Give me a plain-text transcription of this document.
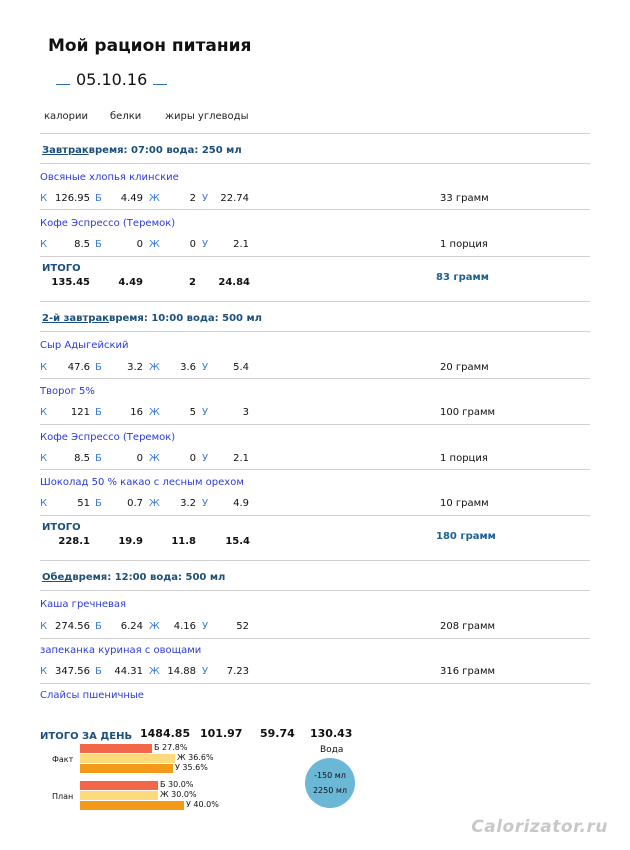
Мой рацион питания
05.10.16
калории белки жиры углеводы
Завтраквремя: 07:00 вода: 250 мл
Овсяные хлопья клинские
К 126.95 Б	4.49 Ж	2 У	22.74	33 грамм
Кофе Эспрессо (Теремок)
К	8.5 Б	0 Ж	0 У	2.1	1 порция
ИТОГО
135.45	4.49	2	24.84	83 грамм
2-й завтраквремя: 10:00 вода: 500 мл
Сыр Адыгейский
К	47.6 Б	3.2 Ж	3.6 У	5.4	20 грамм
Творог 5%
К	121 Б	16 Ж	5 У	3	100 грамм
Кофе Эспрессо (Теремок)
К	8.5 Б	0 Ж	0 У	2.1	1 порция
Шоколад 50 % какао с лесным орехом
К	51 Б	0.7 Ж	3.2 У	4.9	10 грамм
ИТОГО
228.1	19.9	11.8	15.4	180 грамм
Обедвремя: 12:00 вода: 500 мл
Каша гречневая
К 274.56 Б	6.24 Ж	4.16 У	52	208 грамм
запеканка куриная с овощами
К 347.56 Б	44.31 Ж 14.88 У	7.23	316 грамм
Слайсы пшеничные
ИТОГО ЗА ДЕНЬ 1484.85 101.97 59.74 130.43
Факт
План
Б 27.8%
Ж 36.6%
У 35.6%
Б 30.0%
Ж 30.0%
У 40.0%
Вода
-150 мл
2250 мл
Calorizator.ru
